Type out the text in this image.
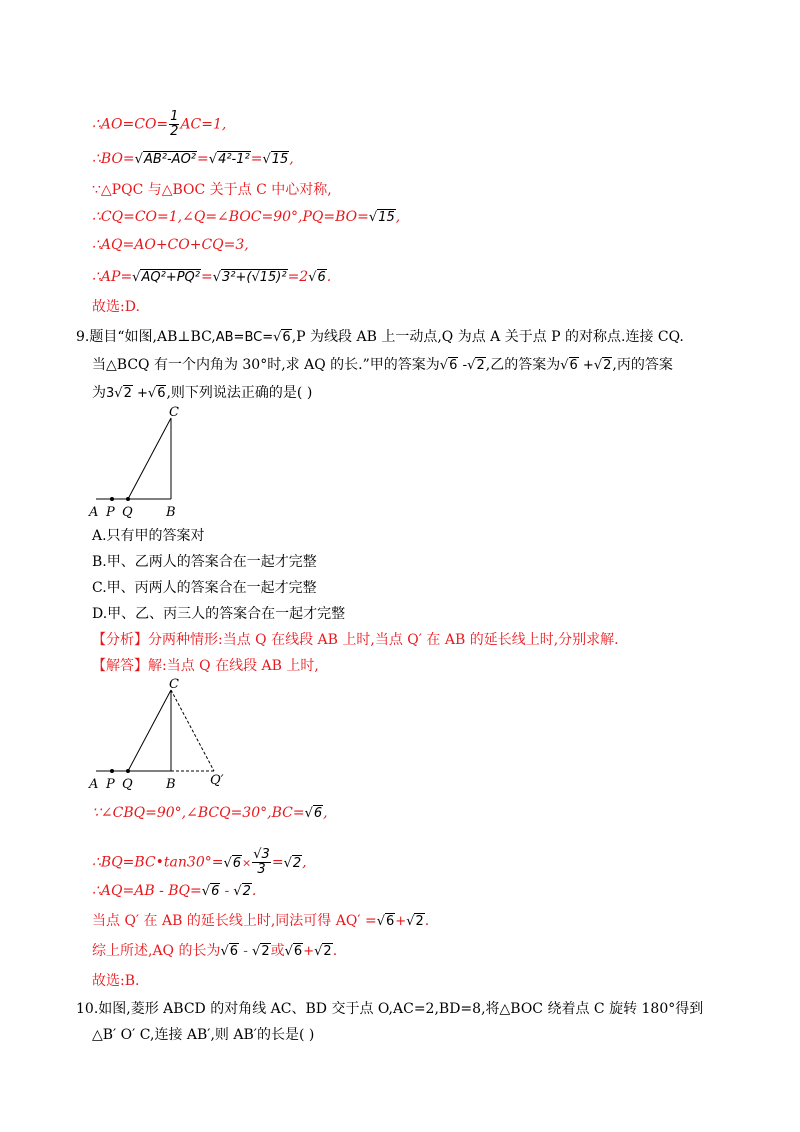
∴AO=CO= $\frac{1}{2} AC=1$,
∴BO=√AB²-AO²=√4²-1²=√15,
∵△PQC 与△BOC 关于点 C 中心对称,
∴CQ=CO=1,∠Q=∠BOC=90°,PQ=BO=√15,
∴AQ=AO+CO+CQ=3,
∴AP=√AQ²+PQ²=√3²+(√15)²=2√6.
故选:D.
9.题目“如图,AB⊥BC,AB=BC=√6,P 为线段 AB 上一动点,Q 为点 A 关于点 P 的对称点.连接 CQ.
当△BCQ 有一个内角为 30°时,求 AQ 的长.”甲的答案为√6 -√2,乙的答案为√6 +√2,丙的答案
为3√2 +√6,则下列说法正确的是( )
A P Q	B
C
A.只有甲的答案对
B.甲、乙两人的答案合在一起才完整
C.甲、丙两人的答案合在一起才完整
D.甲、乙、丙三人的答案合在一起才完整
【分析】分两种情形:当点 Q 在线段 AB 上时,当点 Q′ 在 AB 的延长线上时,分别求解.
【解答】解:当点 Q 在线段 AB 上时,
A P Q	B
C
Q′
∵∠CBQ=90°,∠BCQ=30°,BC=√6,
∴BQ=BC•tan30°=√6× $\frac{√3}{3} =√2$,
∴AQ=AB - BQ=√6 - √2.
当点 Q′ 在 AB 的延长线上时,同法可得 AQ′ =√6+√2.
综上所述,AQ 的长为√6 - √2或√6+√2.
故选:B.
10.如图,菱形 ABCD 的对角线 AC、BD 交于点 O,AC=2,BD=8,将△BOC 绕着点 C 旋转 180°得到
△B′ O′ C,连接 AB′,则 AB′的长是( )
